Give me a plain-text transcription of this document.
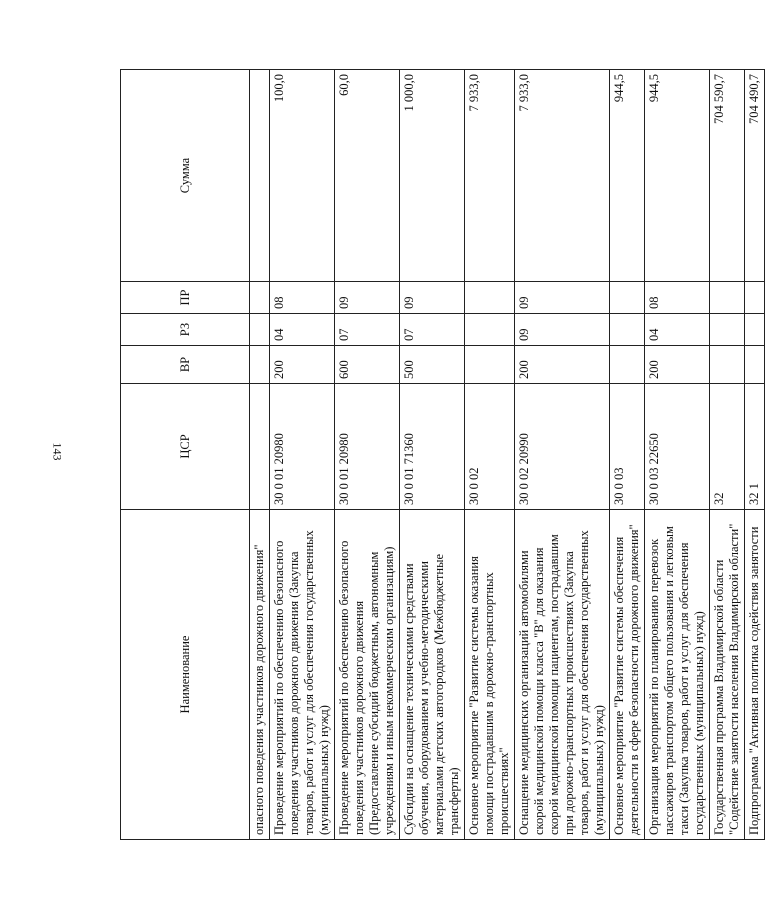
143
Наименование	ЦСР	ВР	РЗ	ПР	Сумма
опасного поведения участников дорожного движения"					
Проведение мероприятий по обеспечению безопасного поведения участников дорожного движения (Закупка товаров, работ и услуг для обеспечения государственных (муниципальных) нужд)	30 0 01 20980	200	04	08	100,0
Проведение мероприятий по обеспечению безопасного поведения участников дорожного движения (Предоставление субсидий бюджетным, автономным учреждениям и иным некоммерческим организациям)	30 0 01 20980	600	07	09	60,0
Субсидии на оснащение техническими средствами обучения, оборудованием и учебно-методическими материалами детских автогородков (Межбюджетные трансферты)	30 0 01 71360	500	07	09	1 000,0
Основное мероприятие "Развитие системы оказания помощи пострадавшим в дорожно-транспортных происшествиях"	30 0 02				7 933,0
Оснащение медицинских организаций автомобилями скорой медицинской помощи класса "В" для оказания скорой медицинской помощи пациентам, пострадавшим при дорожно-транспортных происшествиях (Закупка товаров, работ и услуг для обеспечения государственных (муниципальных) нужд)	30 0 02 20990	200	09	09	7 933,0
Основное мероприятие "Развитие системы обеспечения деятельности в сфере безопасности дорожного движения"	30 0 03				944,5
Организация мероприятий по планированию перевозок пассажиров транспортом общего пользования и легковым такси (Закупка товаров, работ и услуг для обеспечения государственных (муниципальных) нужд)	30 0 03 22650	200	04	08	944,5
Государственная программа Владимирской области "Содействие занятости населения Владимирской области"	32				704 590,7
Подпрограмма "Активная политика содействия занятости	32 1				704 490,7
